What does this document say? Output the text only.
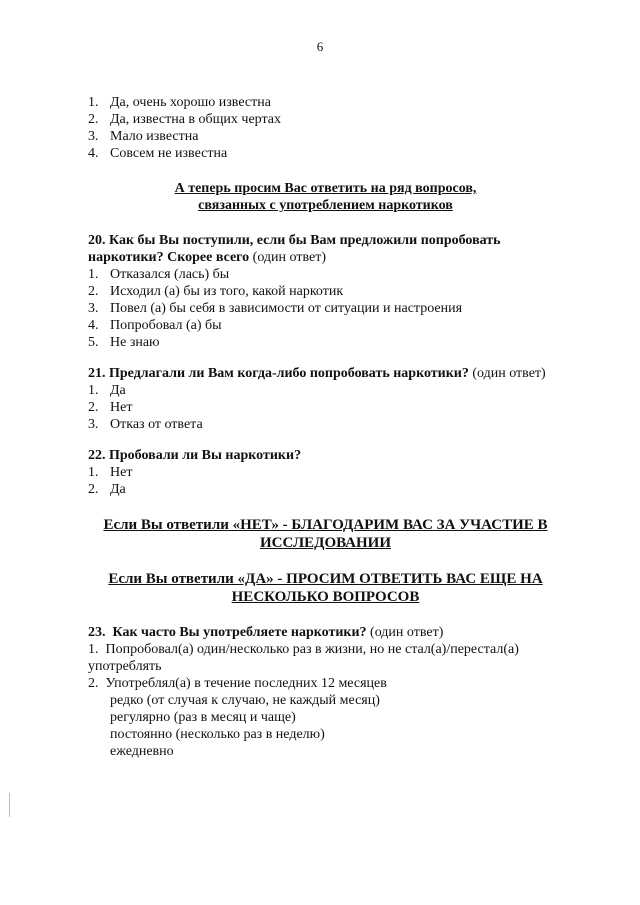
6
1. Да, очень хорошо известна
2. Да, известна в общих чертах
3. Мало известна
4. Совсем не известна
А теперь просим Вас ответить на ряд вопросов,
связанных с употреблением наркотиков
20. Как бы Вы поступили, если бы Вам предложили попробовать наркотики? Скорее всего (один ответ)
1. Отказался (лась) бы
2. Исходил (а) бы из того, какой наркотик
3. Повел (а) бы себя в зависимости от ситуации и настроения
4. Попробовал (а) бы
5. Не знаю
21. Предлагали ли Вам когда-либо попробовать наркотики? (один ответ)
1. Да
2. Нет
3. Отказ от ответа
22. Пробовали ли Вы наркотики?
1. Нет
2. Да
Если Вы ответили «НЕТ» - БЛАГОДАРИМ ВАС ЗА УЧАСТИЕ В
ИССЛЕДОВАНИИ
Если Вы ответили «ДА» - ПРОСИМ ОТВЕТИТЬ ВАС ЕЩЕ НА
НЕСКОЛЬКО ВОПРОСОВ
23. Как часто Вы употребляете наркотики? (один ответ)
1. Попробовал(а) один/несколько раз в жизни, но не стал(а)/перестал(а) употреблять
2. Употреблял(а) в течение последних 12 месяцев
редко (от случая к случаю, не каждый месяц)
регулярно (раз в месяц и чаще)
постоянно (несколько раз в неделю)
ежедневно
